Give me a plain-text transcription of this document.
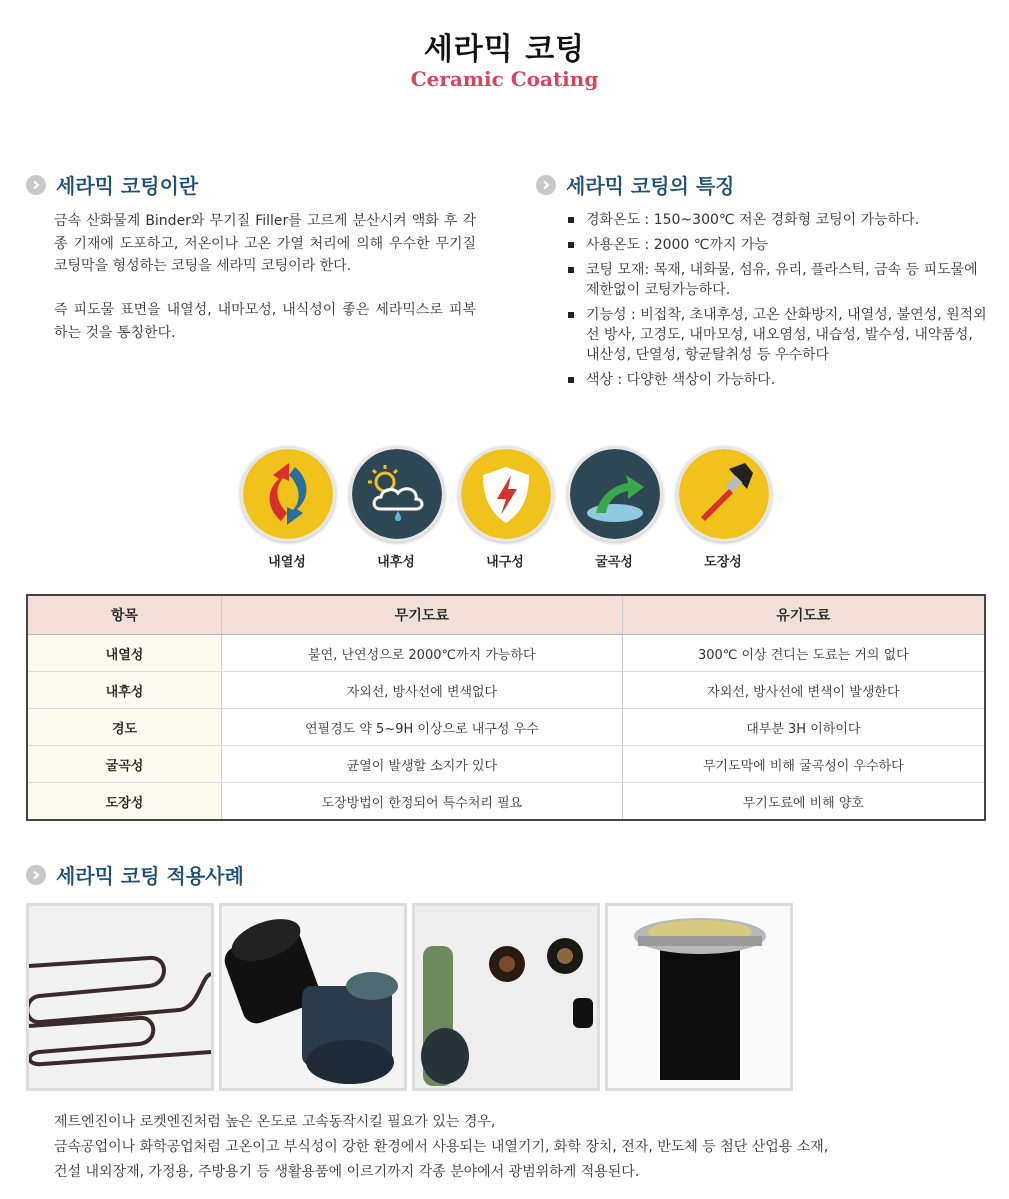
세라믹 코팅
Ceramic Coating
세라믹 코팅이란
금속 산화물계 Binder와 무기질 Filler를 고르게 분산시켜 액화 후 각종 기재에 도포하고, 저온이나 고온 가열 처리에 의해 우수한 무기질 코팅막을 형성하는 코팅을 세라믹 코팅이라 한다.
즉 피도물 표면을 내열성, 내마모성, 내식성이 좋은 세라믹스로 피복하는 것을 통칭한다.
세라믹 코팅의 특징
경화온도 : 150~300℃ 저온 경화형 코팅이 가능하다.
사용온도 : 2000 ℃까지 가능
코팅 모재: 목재, 내화물, 섬유, 유리, 플라스틱, 금속 등 피도물에 제한없이 코팅가능하다.
기능성 : 비접착, 초내후성, 고온 산화방지, 내열성, 불연성, 원적외선 방사, 고경도, 내마모성, 내오염성, 내습성, 발수성, 내약품성, 내산성, 단열성, 항균탈취성 등 우수하다
색상 : 다양한 색상이 가능하다.
내열성	내후성	내구성	굴곡성	도장성
항목	무기도료	유기도료
내열성	불연, 난연성으로 2000℃까지 가능하다	300℃ 이상 견디는 도료는 거의 없다
내후성	자외선, 방사선에 변색없다	자외선, 방사선에 변색이 발생한다
경도	연필경도 약 5~9H 이상으로 내구성 우수	대부분 3H 이하이다
굴곡성	균열이 발생할 소지가 있다	무기도막에 비해 굴곡성이 우수하다
도장성	도장방법이 한정되어 특수처리 필요	무기도료에 비해 양호
세라믹 코팅 적용사례
제트엔진이나 로켓엔진처럼 높은 온도로 고속동작시킬 필요가 있는 경우,
금속공업이나 화학공업처럼 고온이고 부식성이 강한 환경에서 사용되는 내열기기, 화학 장치, 전자, 반도체 등 첨단 산업용 소재,
건설 내외장재, 가정용, 주방용기 등 생활용품에 이르기까지 각종 분야에서 광범위하게 적용된다.
